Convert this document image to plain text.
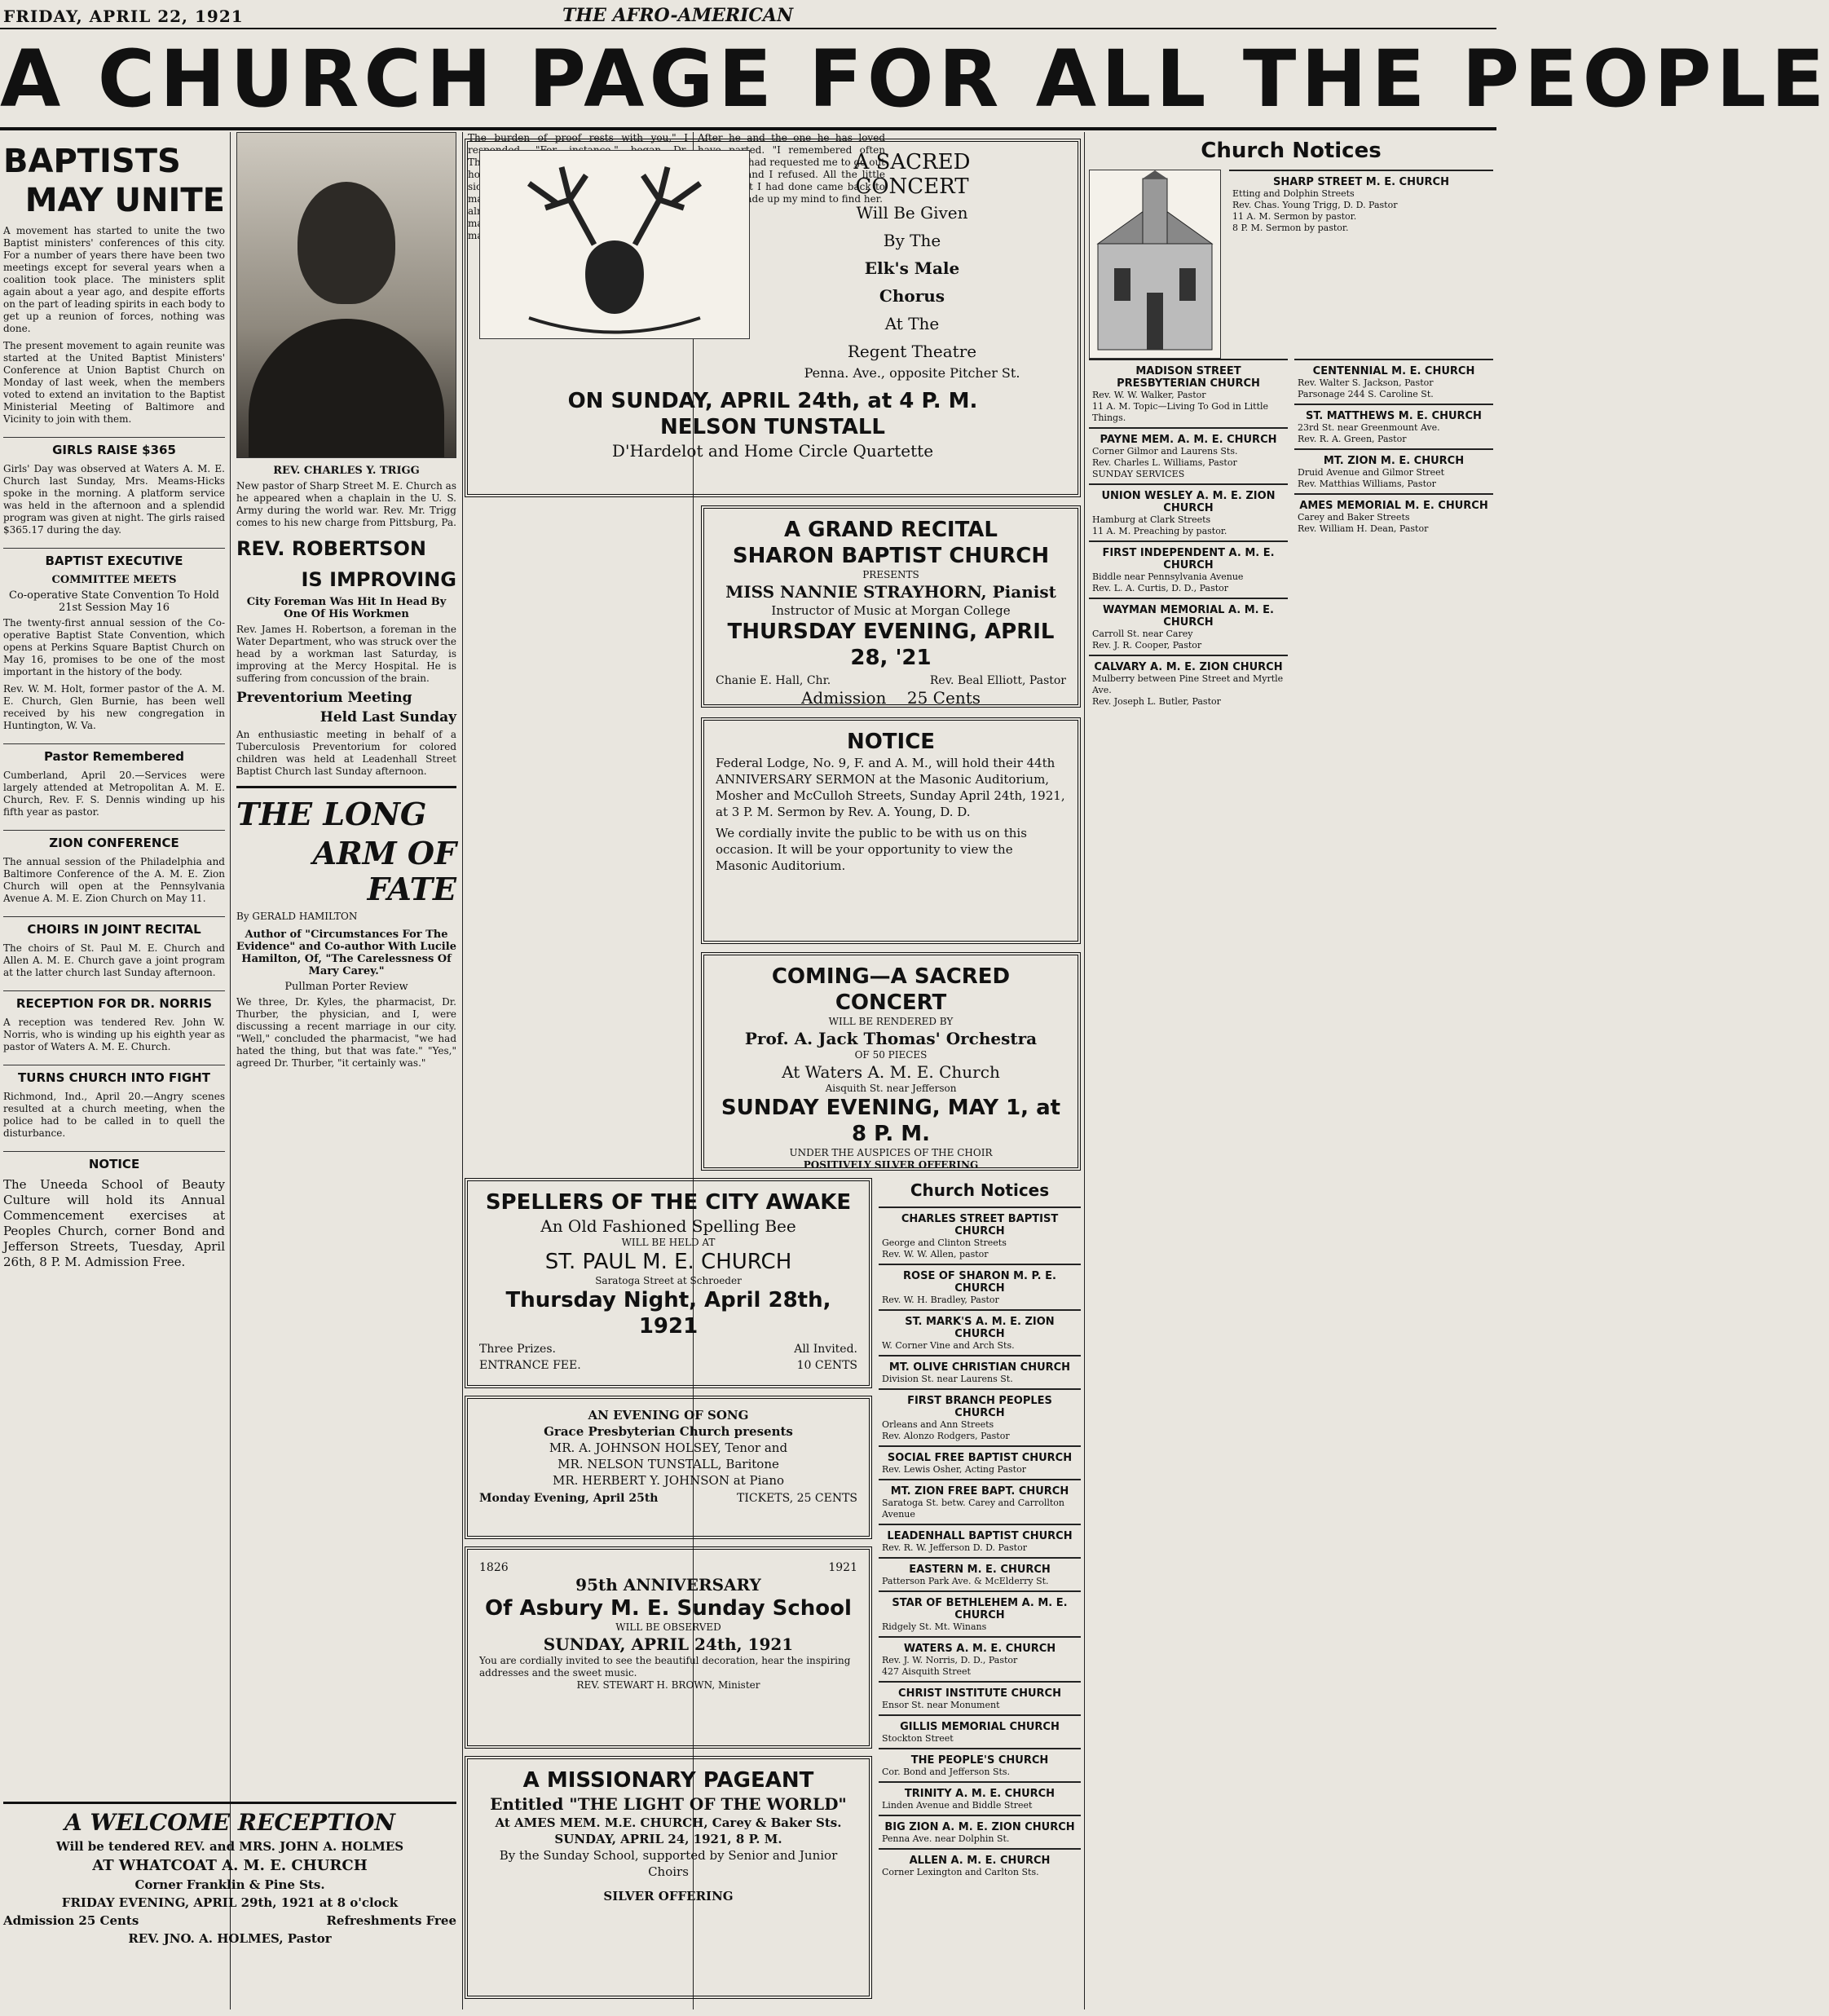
FRIDAY, APRIL 22, 1921	THE AFRO-AMERICAN
A CHURCH PAGE FOR ALL THE PEOPLE
BAPTISTS
MAY UNITE

A movement has started to unite the two Baptist ministers' conferences of this city. For a number of years there have been two meetings except for several years when a coalition took place. The ministers split again about a year ago, and despite efforts on the part of leading spirits in each body to get up a reunion of forces, nothing was done.

The present movement to again reunite was started at the United Baptist Ministers' Conference at Union Baptist Church on Monday of last week, when the members voted to extend an invitation to the Baptist Ministerial Meeting of Baltimore and Vicinity to join with them.

GIRLS RAISE $365

Girls' Day was observed at Waters A. M. E. Church last Sunday, Mrs. Meams-Hicks spoke in the morning. A platform service was held in the afternoon and a splendid program was given at night. The girls raised $365.17 during the day.

BAPTIST EXECUTIVE
COMMITTEE MEETS
Co-operative State Convention To Hold 21st Session May 16

The twenty-first annual session of the Co-operative Baptist State Convention, which opens at Perkins Square Baptist Church on May 16, promises to be one of the most important in the history of the body.

Rev. W. M. Holt, former pastor of the A. M. E. Church, Glen Burnie, has been well received by his new congregation in Huntington, W. Va.

Pastor Remembered

Cumberland, April 20.—Services were largely attended at Metropolitan A. M. E. Church, Rev. F. S. Dennis winding up his fifth year as pastor.

ZION CONFERENCE

The annual session of the Philadelphia and Baltimore Conference of the A. M. E. Zion Church will open at the Pennsylvania Avenue A. M. E. Zion Church on May 11.

CHOIRS IN JOINT RECITAL

The choirs of St. Paul M. E. Church and Allen A. M. E. Church gave a joint program at the latter church last Sunday afternoon.

RECEPTION FOR DR. NORRIS

A reception was tendered Rev. John W. Norris, who is winding up his eighth year as pastor of Waters A. M. E. Church.

TURNS CHURCH INTO FIGHT

Richmond, Ind., April 20.—Angry scenes resulted at a church meeting, when the police had to be called in to quell the disturbance.

NOTICE

The Uneeda School of Beauty Culture will hold its Annual Commencement exercises at Peoples Church, corner Bond and Jefferson Streets, Tuesday, April 26th, 8 P. M. Admission Free.

A WELCOME RECEPTION
Will be tendered REV. and MRS. JOHN A. HOLMES
AT WHATCOAT A. M. E. CHURCH
Corner Franklin & Pine Sts.
FRIDAY EVENING, APRIL 29th, 1921 at 8 o'clock
Admission 25 Cents	Refreshments Free
REV. JNO. A. HOLMES, Pastor
REV. CHARLES Y. TRIGG

New pastor of Sharp Street M. E. Church as he appeared when a chaplain in the U. S. Army during the world war. Rev. Mr. Trigg comes to his new charge from Pittsburg, Pa.

REV. ROBERTSON
IS IMPROVING
City Foreman Was Hit In Head By One Of His Workmen

Rev. James H. Robertson, a foreman in the Water Department, who was struck over the head by a workman last Saturday, is improving at the Mercy Hospital. He is suffering from concussion of the brain.

Preventorium Meeting
Held Last Sunday

An enthusiastic meeting in behalf of a Tuberculosis Preventorium for colored children was held at Leadenhall Street Baptist Church last Sunday afternoon.

THE LONG
ARM OF FATE
By GERALD HAMILTON
Author of "Circumstances For The Evidence" and Co-author With Lucile Hamilton, Of, "The Carelessness Of Mary Carey."
Pullman Porter Review

We three, Dr. Kyles, the pharmacist, Dr. Thurber, the physician, and I, were discussing a recent marriage in our city. "Well," concluded the pharmacist, "we had hated the thing, but that was fate." "Yes," agreed Dr. Thurber, "it certainly was."

The burden of proof rests with you," I responded. "For instance," began Dr. Thurber, "when I was connected with a hospital in Albion, our head nurse became sick. The next week the youngest nurse married quite suddenly with our nurse almost full patients to attend. And what made it worse, there were a lot of cases of malaria fever in the city.

After he and the one he has loved have parted. "I remembered often that Elsie had requested me to go out with her and I refused. All the little things that I had done came back to me as I made up my mind to find her.

A SACRED
CONCERT
Will Be Given
By The
Elk's Male
Chorus
At The
Regent Theatre
Penna. Ave., opposite Pitcher St.
ON SUNDAY, APRIL 24th, at 4 P. M.
NELSON TUNSTALL
D'Hardelot and Home Circle Quartette
A GRAND RECITAL
SHARON BAPTIST CHURCH
PRESENTS
MISS NANNIE STRAYHORN, Pianist
Instructor of Music at Morgan College
THURSDAY EVENING, APRIL 28, '21
Chanie E. Hall, Chr.	Rev. Beal Elliott, Pastor
Admission 25 Cents
NOTICE
Federal Lodge, No. 9, F. and A. M., will hold their 44th ANNIVERSARY SERMON at the Masonic Auditorium, Mosher and McCulloh Streets, Sunday April 24th, 1921, at 3 P. M. Sermon by Rev. A. Young, D. D.
We cordially invite the public to be with us on this occasion. It will be your opportunity to view the Masonic Auditorium.
COMING—A SACRED CONCERT
WILL BE RENDERED BY
Prof. A. Jack Thomas' Orchestra
OF 50 PIECES
At Waters A. M. E. Church
Aisquith St. near Jefferson
SUNDAY EVENING, MAY 1, at 8 P. M.
UNDER THE AUSPICES OF THE CHOIR
POSITIVELY SILVER OFFERING
SPELLERS OF THE CITY AWAKE
An Old Fashioned Spelling Bee
WILL BE HELD AT
ST. PAUL M. E. CHURCH
Saratoga Street at Schroeder
Thursday Night, April 28th, 1921
Three Prizes.	All Invited.
ENTRANCE FEE.	10 CENTS
AN EVENING OF SONG
Grace Presbyterian Church presents
MR. A. JOHNSON HOLSEY, Tenor and
MR. NELSON TUNSTALL, Baritone
MR. HERBERT Y. JOHNSON at Piano
Monday Evening, April 25th	TICKETS, 25 CENTS
1826	1921
95th ANNIVERSARY
Of Asbury M. E. Sunday School
WILL BE OBSERVED
SUNDAY, APRIL 24th, 1921
You are cordially invited to see the beautiful decoration, hear the inspiring addresses and the sweet music.
REV. STEWART H. BROWN, Minister
A MISSIONARY PAGEANT
Entitled "THE LIGHT OF THE WORLD"
At AMES MEM. M.E. CHURCH, Carey & Baker Sts.
SUNDAY, APRIL 24, 1921, 8 P. M.
By the Sunday School, supported by Senior and Junior Choirs
SILVER OFFERING
Church Notices
CHARLES STREET BAPTIST CHURCH
George and Clinton Streets
Rev. W. W. Allen, pastor
ROSE OF SHARON M. P. E. CHURCH
Rev. W. H. Bradley, Pastor
ST. MARK'S A. M. E. ZION CHURCH
W. Corner Vine and Arch Sts.
MT. OLIVE CHRISTIAN CHURCH
Division St. near Laurens St.
FIRST BRANCH PEOPLES CHURCH
Orleans and Ann Streets
Rev. Alonzo Rodgers, Pastor
SOCIAL FREE BAPTIST CHURCH
Rev. Lewis Osher, Acting Pastor
MT. ZION FREE BAPT. CHURCH
Saratoga St. betw. Carey and Carrollton Avenue
LEADENHALL BAPTIST CHURCH
Rev. R. W. Jefferson D. D. Pastor
EASTERN M. E. CHURCH
Patterson Park Ave. & McElderry St.
STAR OF BETHLEHEM A. M. E. CHURCH
Ridgely St. Mt. Winans
WATERS A. M. E. CHURCH
Rev. J. W. Norris, D. D., Pastor
427 Aisquith Street
CHRIST INSTITUTE CHURCH
Ensor St. near Monument
GILLIS MEMORIAL CHURCH
Stockton Street
THE PEOPLE'S CHURCH
Cor. Bond and Jefferson Sts.
TRINITY A. M. E. CHURCH
Linden Avenue and Biddle Street
BIG ZION A. M. E. ZION CHURCH
Penna Ave. near Dolphin St.
ALLEN A. M. E. CHURCH
Corner Lexington and Carlton Sts.
Church Notices
SHARP STREET M. E. CHURCH
Etting and Dolphin Streets
Rev. Chas. Young Trigg, D. D. Pastor
11 A. M. Sermon by pastor.
8 P. M. Sermon by pastor.
MADISON STREET PRESBYTERIAN CHURCH
Rev. W. W. Walker, Pastor
11 A. M. Topic—Living To God in Little Things.
PAYNE MEM. A. M. E. CHURCH
Corner Gilmor and Laurens Sts.
Rev. Charles L. Williams, Pastor
SUNDAY SERVICES
UNION WESLEY A. M. E. ZION CHURCH
Hamburg at Clark Streets
11 A. M. Preaching by pastor.
FIRST INDEPENDENT A. M. E. CHURCH
Biddle near Pennsylvania Avenue
Rev. L. A. Curtis, D. D., Pastor
WAYMAN MEMORIAL A. M. E. CHURCH
Carroll St. near Carey
Rev. J. R. Cooper, Pastor
CALVARY A. M. E. ZION CHURCH
Mulberry between Pine Street and Myrtle Ave.
Rev. Joseph L. Butler, Pastor
CENTENNIAL M. E. CHURCH
Rev. Walter S. Jackson, Pastor
Parsonage 244 S. Caroline St.
ST. MATTHEWS M. E. CHURCH
23rd St. near Greenmount Ave.
Rev. R. A. Green, Pastor
MT. ZION M. E. CHURCH
Druid Avenue and Gilmor Street
Rev. Matthias Williams, Pastor
AMES MEMORIAL M. E. CHURCH
Carey and Baker Streets
Rev. William H. Dean, Pastor
